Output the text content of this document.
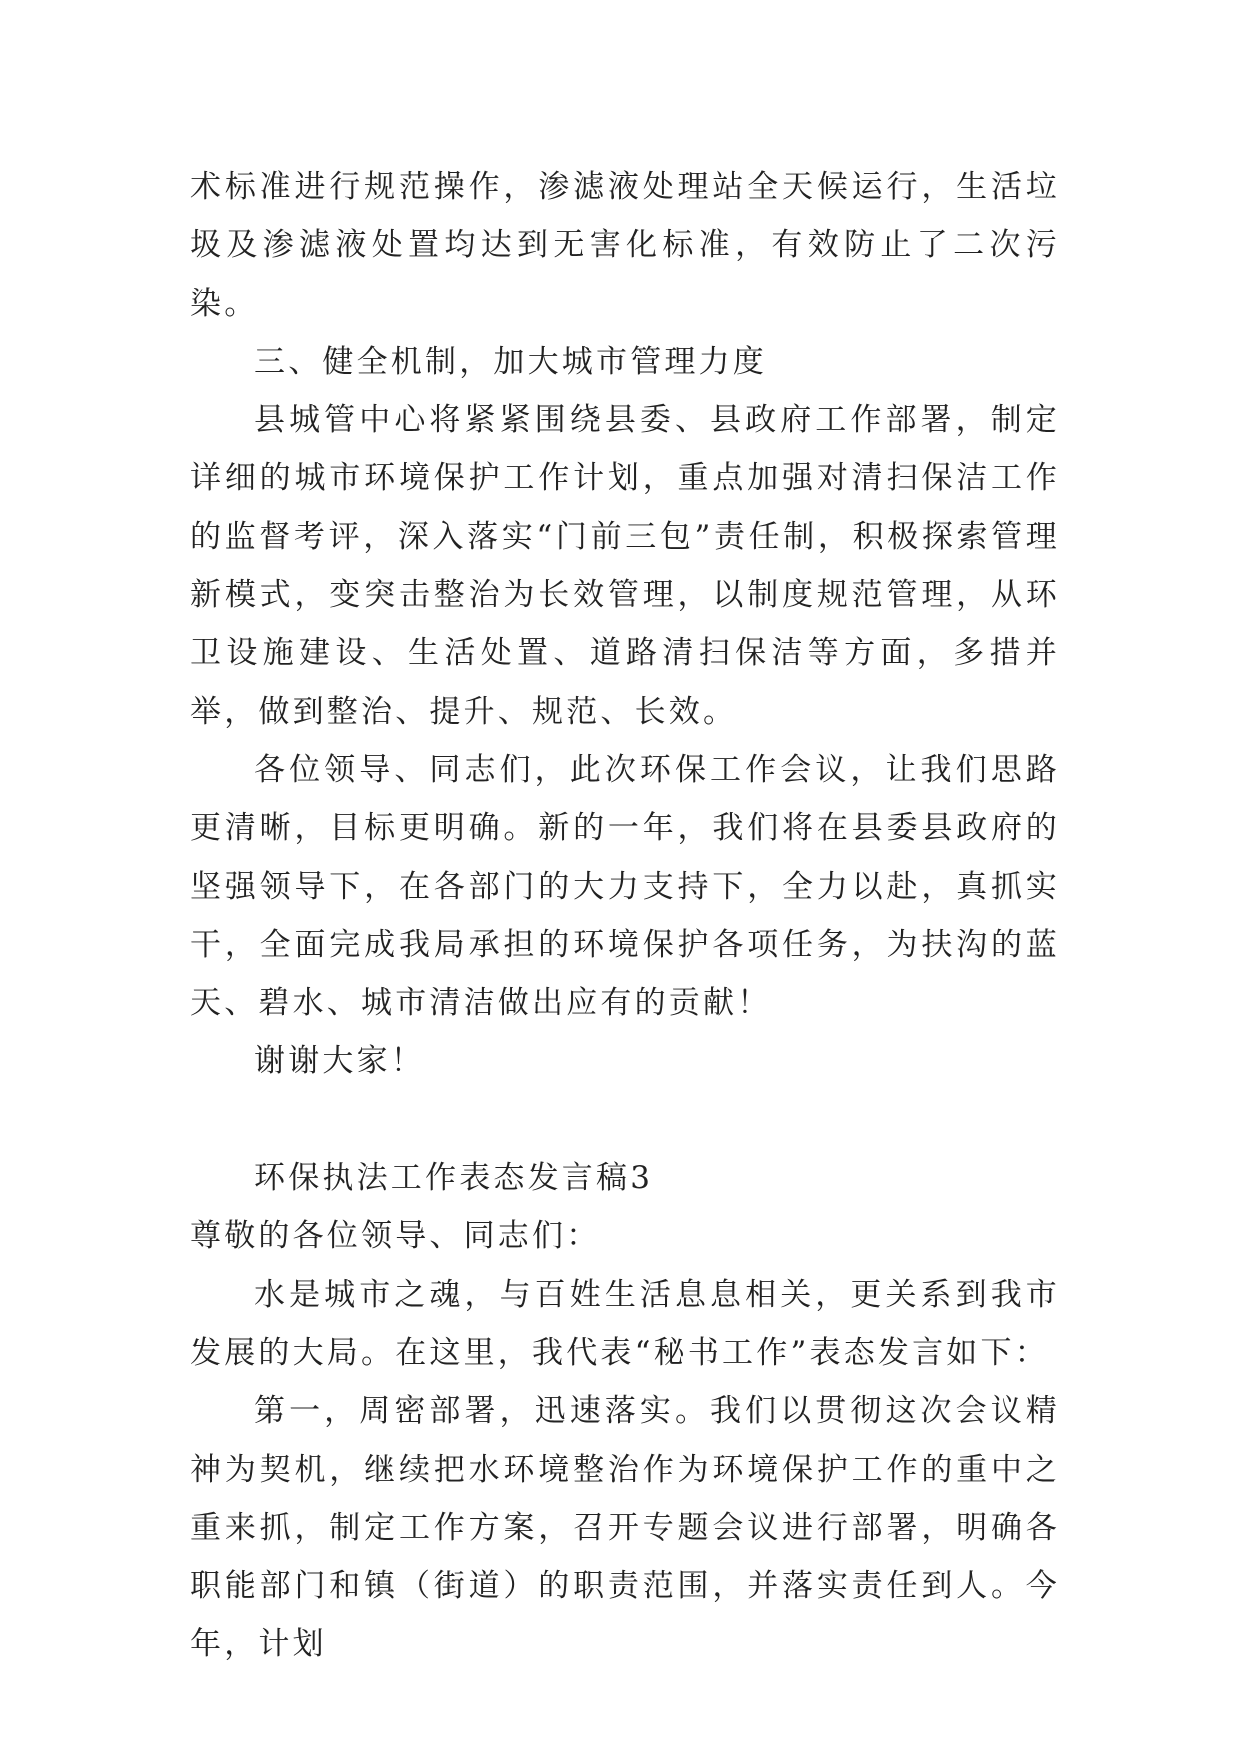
术标准进行规范操作，渗滤液处理站全天候运行，生活垃圾及渗滤液处置均达到无害化标准，有效防止了二次污染。

三、健全机制，加大城市管理力度

县城管中心将紧紧围绕县委、县政府工作部署，制定详细的城市环境保护工作计划，重点加强对清扫保洁工作的监督考评，深入落实“门前三包”责任制，积极探索管理新模式，变突击整治为长效管理，以制度规范管理，从环卫设施建设、生活处置、道路清扫保洁等方面，多措并举，做到整治、提升、规范、长效。

各位领导、同志们，此次环保工作会议，让我们思路更清晰，目标更明确。新的一年，我们将在县委县政府的坚强领导下，在各部门的大力支持下，全力以赴，真抓实干，全面完成我局承担的环境保护各项任务，为扶沟的蓝天、碧水、城市清洁做出应有的贡献！

谢谢大家！

环保执法工作表态发言稿3

尊敬的各位领导、同志们：

水是城市之魂，与百姓生活息息相关，更关系到我市发展的大局。在这里，我代表“秘书工作”表态发言如下：

第一，周密部署，迅速落实。我们以贯彻这次会议精神为契机，继续把水环境整治作为环境保护工作的重中之重来抓，制定工作方案，召开专题会议进行部署，明确各职能部门和镇（街道）的职责范围，并落实责任到人。今年，计划
